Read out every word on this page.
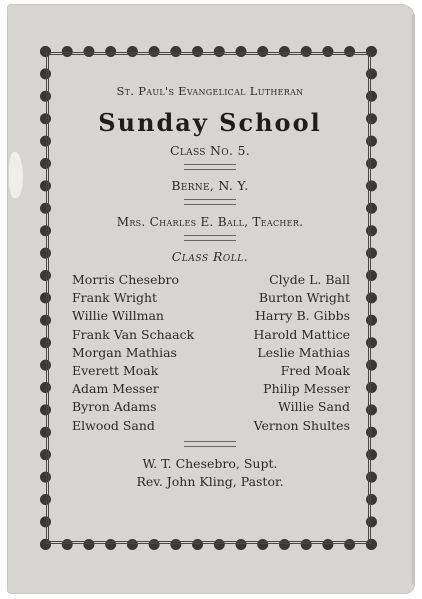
St. Paul's Evangelical Lutheran
Sunday School
Class No. 5.
Berne, N. Y.
Mrs. Charles E. Ball, Teacher.
Class Roll.
Morris Chesebro
Frank Wright
Willie Willman
Frank Van Schaack
Morgan Mathias
Everett Moak
Adam Messer
Byron Adams
Elwood Sand
Clyde L. Ball
Burton Wright
Harry B. Gibbs
Harold Mattice
Leslie Mathias
Fred Moak
Philip Messer
Willie Sand
Vernon Shultes
W. T. Chesebro, Supt.
Rev. John Kling, Pastor.
